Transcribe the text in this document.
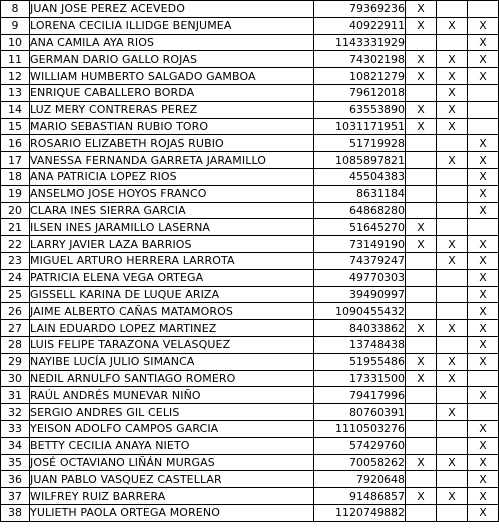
8	JUAN JOSE PEREZ ACEVEDO	79369236	X		
9	LORENA CECILIA ILLIDGE BENJUMEA	40922911	X	X	X
10	ANA CAMILA AYA RIOS	1143331929			X
11	GERMAN DARIO GALLO ROJAS	74302198	X	X	X
12	WILLIAM HUMBERTO SALGADO GAMBOA	10821279	X	X	X
13	ENRIQUE CABALLERO BORDA	79612018		X	
14	LUZ MERY CONTRERAS PEREZ	63553890	X	X	
15	MARIO SEBASTIAN RUBIO TORO	1031171951	X	X	
16	ROSARIO ELIZABETH ROJAS RUBIO	51719928			X
17	VANESSA FERNANDA GARRETA JARAMILLO	1085897821		X	X
18	ANA PATRICIA LOPEZ RIOS	45504383			X
19	ANSELMO JOSE HOYOS FRANCO	8631184			X
20	CLARA INES SIERRA GARCIA	64868280			X
21	ILSEN INES JARAMILLO LASERNA	51645270	X		
22	LARRY JAVIER LAZA BARRIOS	73149190	X	X	X
23	MIGUEL ARTURO HERRERA LARROTA	74379247		X	X
24	PATRICIA ELENA VEGA ORTEGA	49770303			X
25	GISSELL KARINA DE LUQUE ARIZA	39490997			X
26	JAIME ALBERTO CAÑAS MATAMOROS	1090455432			X
27	LAIN EDUARDO LOPEZ MARTINEZ	84033862	X	X	X
28	LUIS FELIPE TARAZONA VELASQUEZ	13748438			X
29	NAYIBE LUCÍA JULIO SIMANCA	51955486	X	X	X
30	NEDIL ARNULFO SANTIAGO ROMERO	17331500	X	X	
31	RAÚL ANDRÉS MUNEVAR NIÑO	79417996			X
32	SERGIO ANDRES GIL CELIS	80760391		X	
33	YEISON ADOLFO CAMPOS GARCIA	1110503276			X
34	BETTY CECILIA ANAYA NIETO	57429760			X
35	JOSÉ OCTAVIANO LIÑÁN MURGAS	70058262	X	X	X
36	JUAN PABLO VASQUEZ CASTELLAR	7920648			X
37	WILFREY RUIZ BARRERA	91486857	X	X	X
38	YULIETH PAOLA ORTEGA MORENO	1120749882			X
